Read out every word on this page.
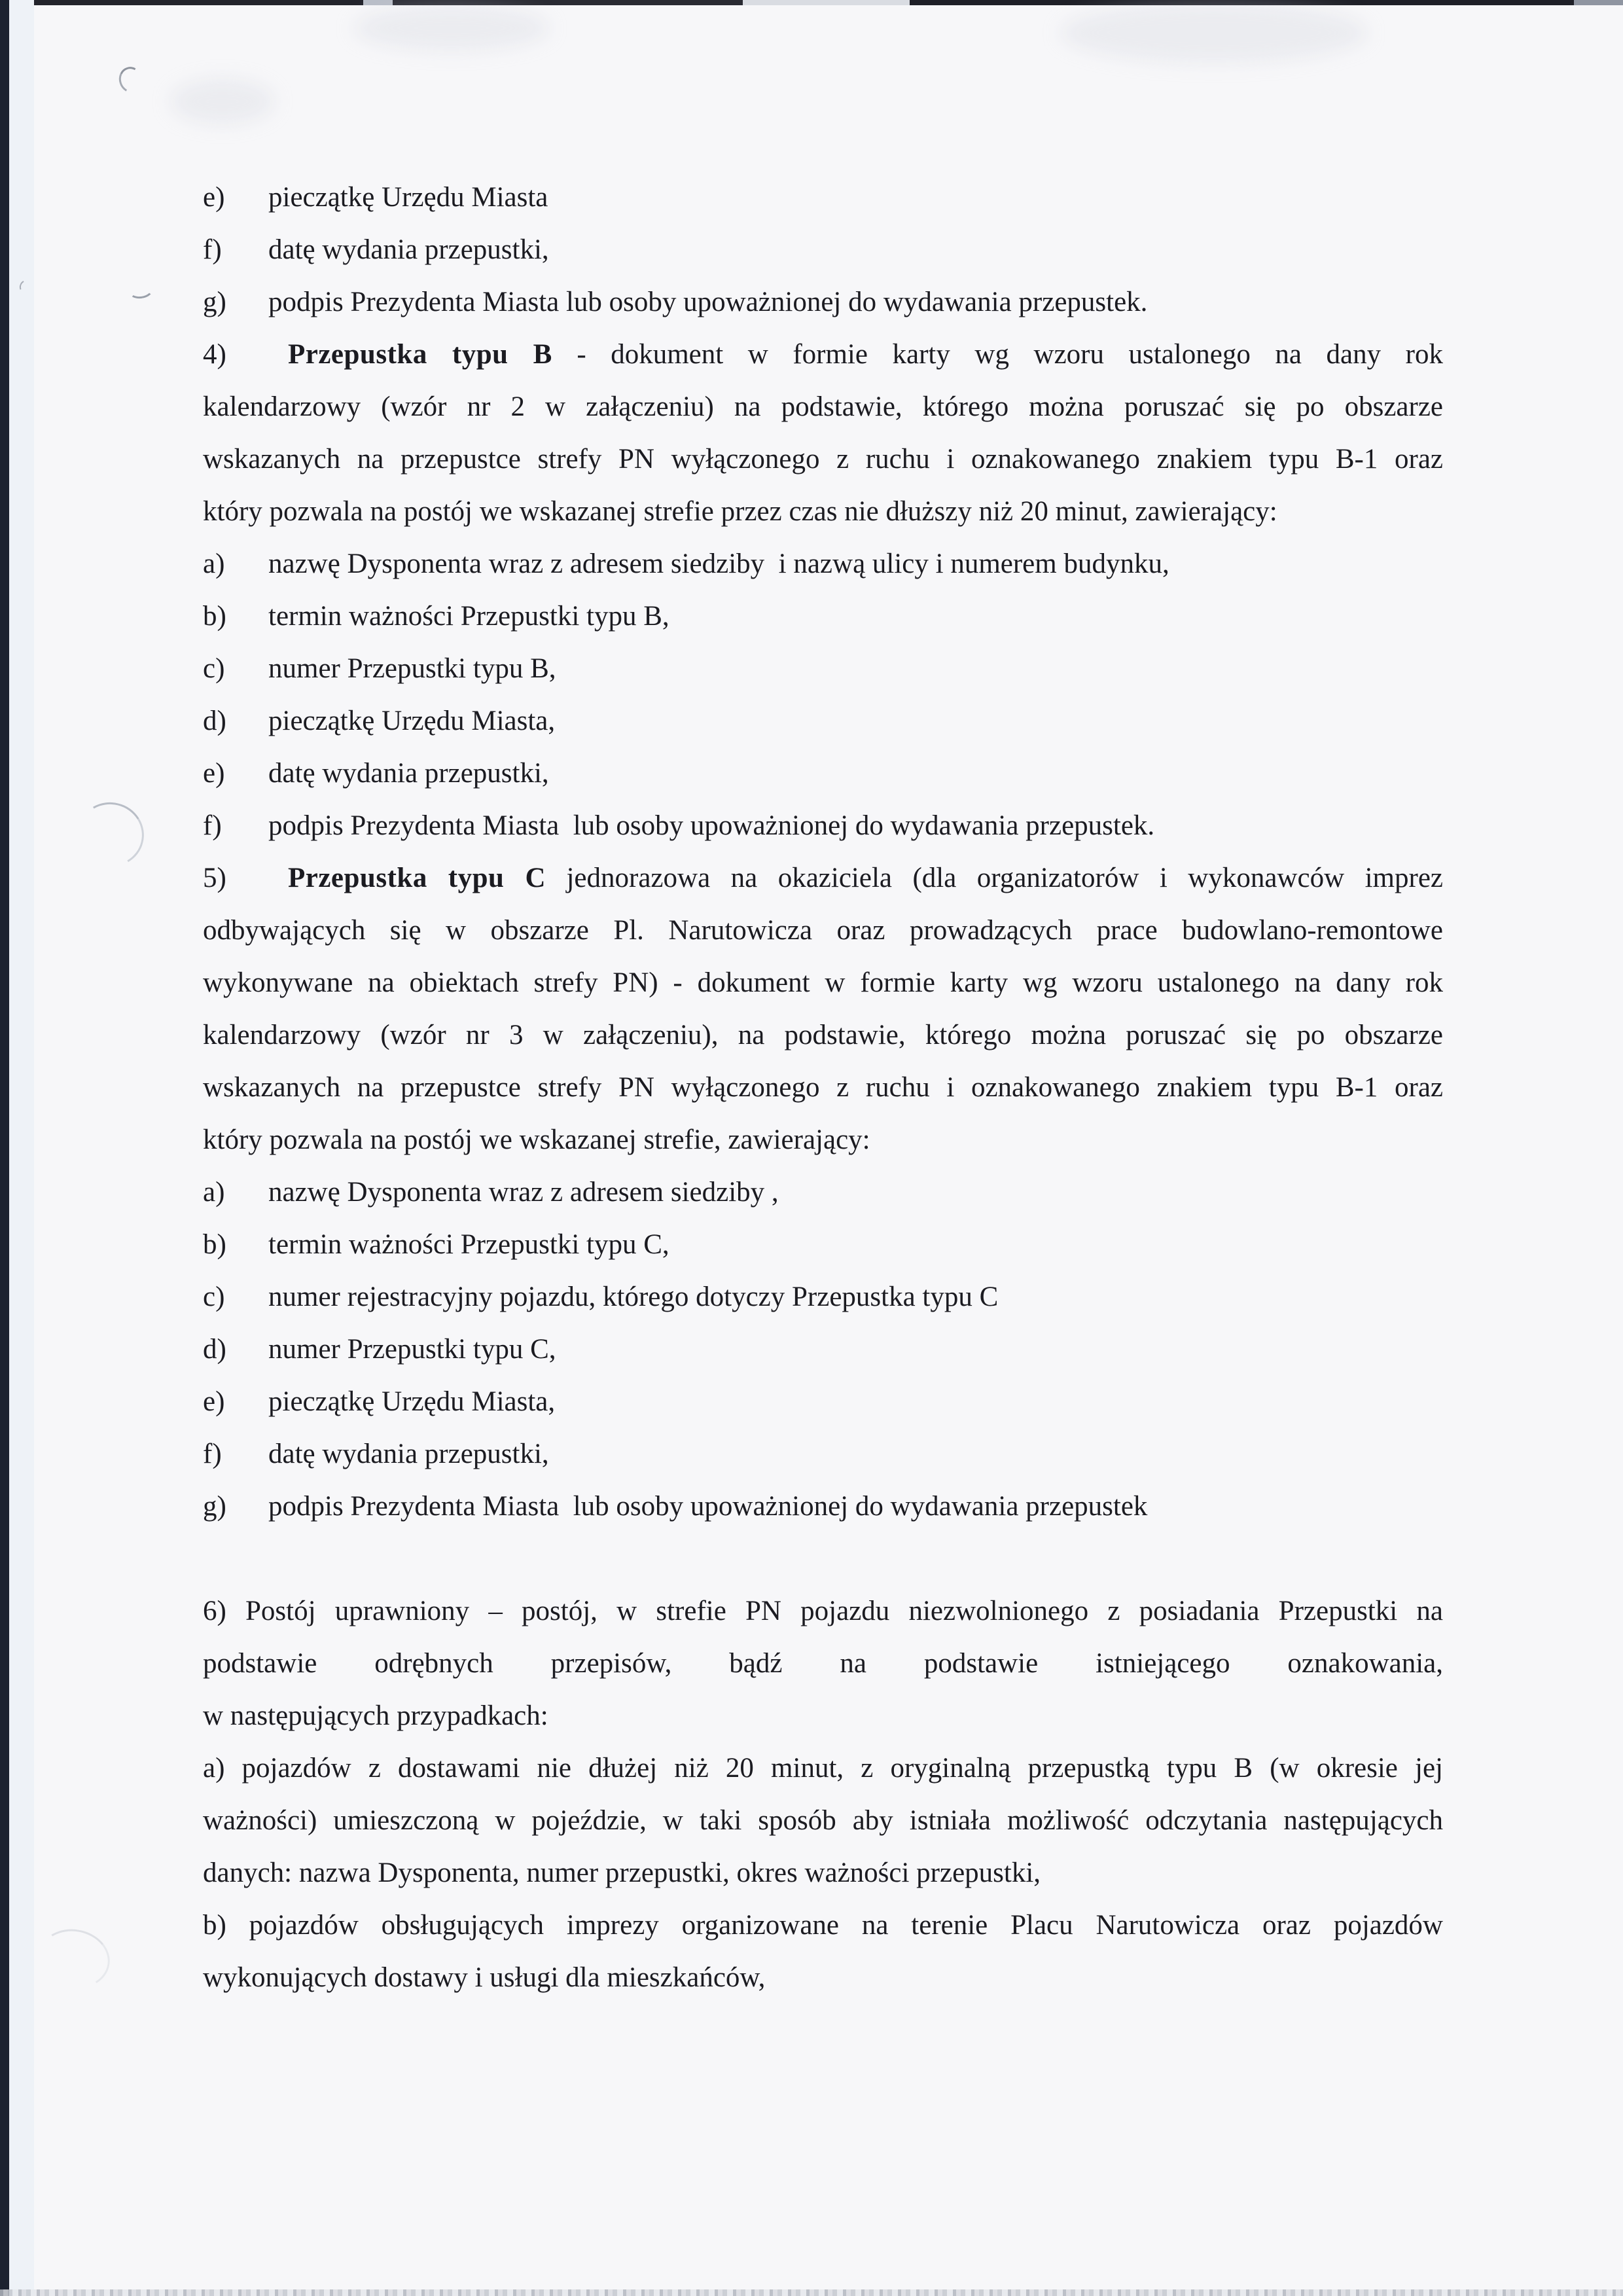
e)	pieczątkę Urzędu Miasta
f)	datę wydania przepustki,
g)	podpis Prezydenta Miasta lub osoby upoważnionej do wydawania przepustek.
4)	Przepustka typu B - dokument w formie karty wg wzoru ustalonego na dany rok
kalendarzowy (wzór nr 2 w załączeniu) na podstawie, którego można poruszać się po obszarze
wskazanych na przepustce strefy PN wyłączonego z ruchu i oznakowanego znakiem typu B-1 oraz
który pozwala na postój we wskazanej strefie przez czas nie dłuższy niż 20 minut, zawierający:
a)	nazwę Dysponenta wraz z adresem siedziby  i nazwą ulicy i numerem budynku,
b)	termin ważności Przepustki typu B,
c)	numer Przepustki typu B,
d)	pieczątkę Urzędu Miasta,
e)	datę wydania przepustki,
f)	podpis Prezydenta Miasta  lub osoby upoważnionej do wydawania przepustek.
5)	Przepustka typu C jednorazowa na okaziciela (dla organizatorów i wykonawców imprez
odbywających się w obszarze Pl. Narutowicza oraz prowadzących prace budowlano-remontowe
wykonywane na obiektach strefy PN) - dokument w formie karty wg wzoru ustalonego na dany rok
kalendarzowy (wzór nr 3 w załączeniu), na podstawie, którego można poruszać się po obszarze
wskazanych na przepustce strefy PN wyłączonego z ruchu i oznakowanego znakiem typu B-1 oraz
który pozwala na postój we wskazanej strefie, zawierający:
a)	nazwę Dysponenta wraz z adresem siedziby ,
b)	termin ważności Przepustki typu C,
c)	numer rejestracyjny pojazdu, którego dotyczy Przepustka typu C
d)	numer Przepustki typu C,
e)	pieczątkę Urzędu Miasta,
f)	datę wydania przepustki,
g)	podpis Prezydenta Miasta  lub osoby upoważnionej do wydawania przepustek
6) Postój uprawniony – postój, w strefie PN pojazdu niezwolnionego z posiadania Przepustki na
podstawie odrębnych przepisów, bądź na podstawie istniejącego oznakowania,
w następujących przypadkach:
a) pojazdów z dostawami nie dłużej niż 20 minut, z oryginalną przepustką typu B (w okresie jej
ważności) umieszczoną w pojeździe, w taki sposób aby istniała możliwość odczytania następujących
danych: nazwa Dysponenta, numer przepustki, okres ważności przepustki,
b) pojazdów obsługujących imprezy organizowane na terenie Placu Narutowicza oraz pojazdów
wykonujących dostawy i usługi dla mieszkańców,
